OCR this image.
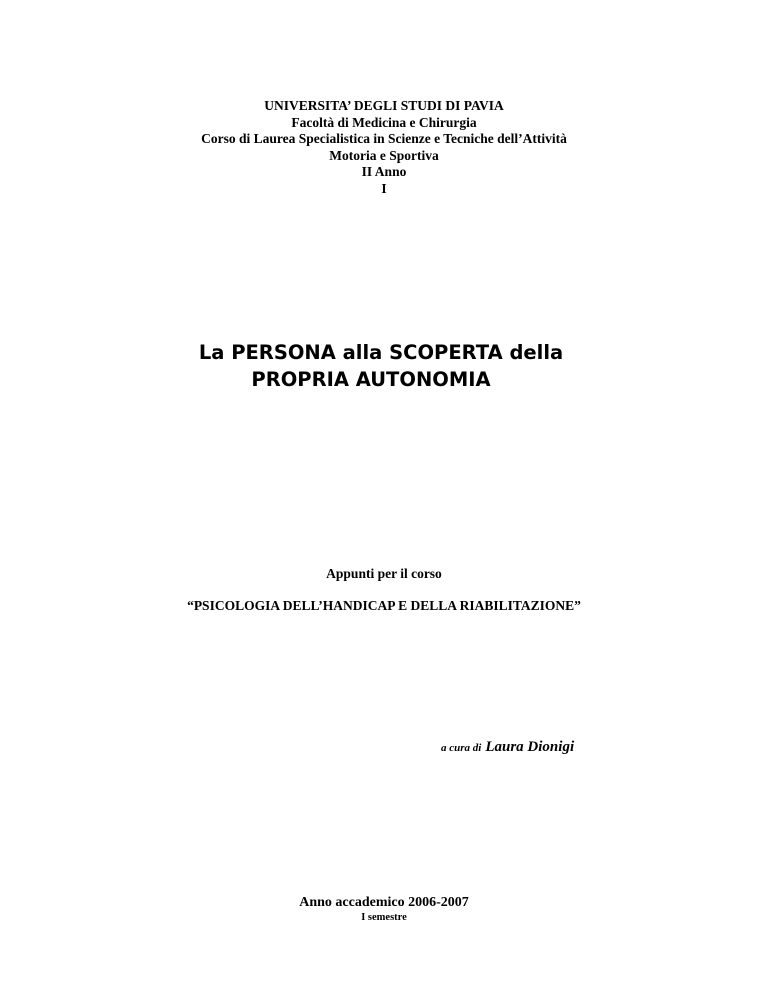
UNIVERSITA’ DEGLI STUDI DI PAVIA
Facoltà di Medicina e Chirurgia
Corso di Laurea Specialistica in Scienze e Tecniche dell’Attività
Motoria e Sportiva
II Anno
I
La PERSONA alla SCOPERTA della
PROPRIA AUTONOMIA
Appunti per il corso
“PSICOLOGIA DELL’HANDICAP E DELLA RIABILITAZIONE”
a cura di Laura Dionigi
Anno accademico 2006-2007
I semestre
